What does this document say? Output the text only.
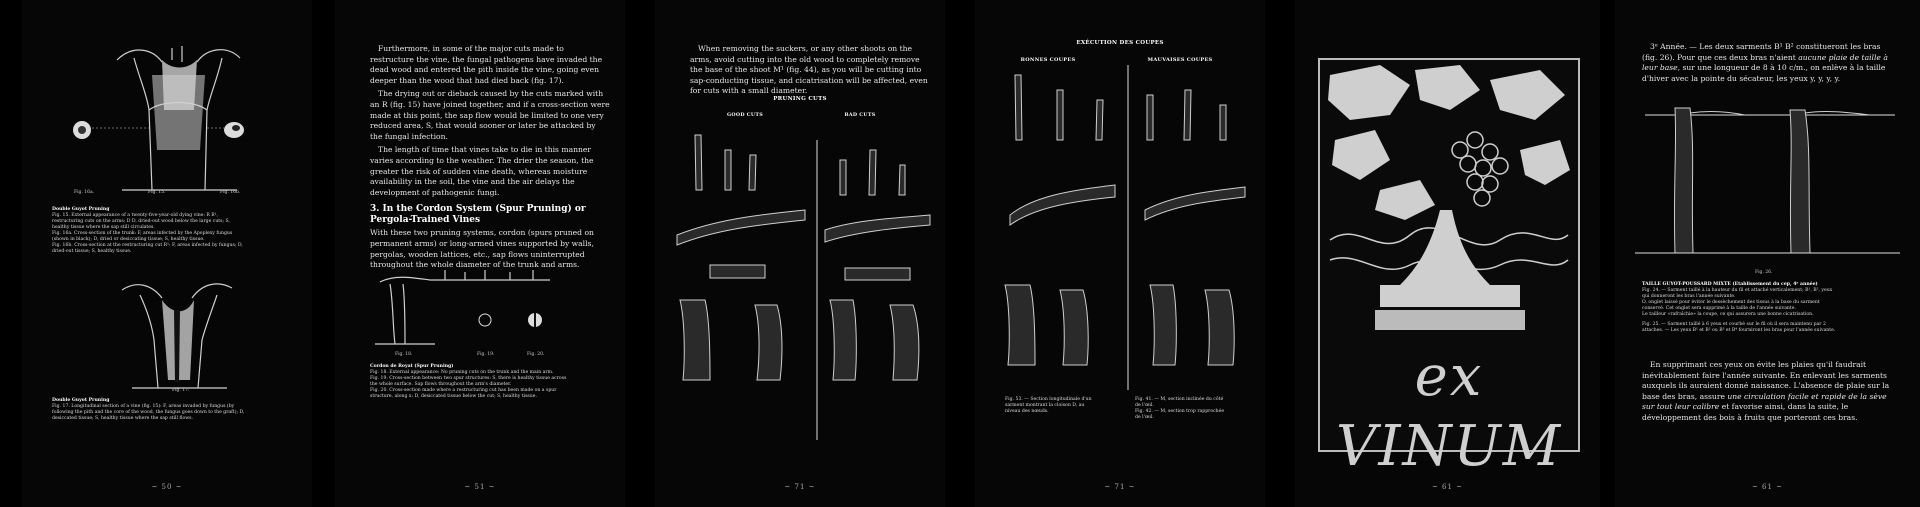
Fig. 16a.	Fig. 15.	Fig. 16b.
Double Guyot Pruning
Fig. 15. External appearance of a twenty-five-year-old dying vine: R B¹,
restructuring cuts on the arms; D D, dried-out wood below the large cuts; S,
healthy tissue where the sap still circulates.
Fig. 16a. Cross-section of the trunk: F, areas infected by the Apoplexy fungus
(shown in black); D, dried or desiccating tissue; S, healthy tissue.
Fig. 16b. Cross-section at the restructuring cut R¹: F, areas infected by fungus; D,
dried-out tissue; S, healthy tissue.
Fig. 17.
Double Guyot Pruning
Fig. 17. Longitudinal section of a vine (fig. 15): F, areas invaded by fungus (by
following the pith and the core of the wood, the fungus goes down to the graft); D,
desiccated tissue; S, healthy tissue where the sap still flows.
~ 50 ~

Furthermore, in some of the major cuts made to restructure the vine, the fungal pathogens have invaded the dead wood and entered the pith inside the vine, going even deeper than the wood that had died back (fig. 17).

The drying out or dieback caused by the cuts marked with an R (fig. 15) have joined together, and if a cross-section were made at this point, the sap flow would be limited to one very reduced area, S, that would sooner or later be attacked by the fungal infection.

The length of time that vines take to die in this manner varies according to the weather. The drier the season, the greater the risk of sudden vine death, whereas moisture availability in the soil, the vine and the air delays the development of pathogenic fungi.

3. In the Cordon System (Spur Pruning) or Pergola-Trained Vines

With these two pruning systems, cordon (spurs pruned on permanent arms) or long-armed vines supported by walls, pergolas, wooden lattices, etc., sap flows uninterrupted throughout the whole diameter of the trunk and arms.

Fig. 18.	Fig. 19.	Fig. 20.
Cordon de Royat (Spur Pruning)
Fig. 18. External appearance: No pruning cuts on the trunk and the main arm.
Fig. 19. Cross-section between two spur structures: S, there is healthy tissue across
the whole surface. Sap flows throughout the arm's diameter.
Fig. 20. Cross-section made where a restructuring cut has been made on a spur
structure, along x: D, desiccated tissue below the cut; S, healthy tissue.
~ 51 ~

When removing the suckers, or any other shoots on the arms, avoid cutting into the old wood to completely remove the base of the shoot M¹ (fig. 44), as you will be cutting into sap-conducting tissue, and cicatrisation will be affected, even for cuts with a small diameter.

PRUNING CUTS
GOOD CUTS	BAD CUTS
~ 71 ~
EXÉCUTION DES COUPES
BONNES COUPES	MAUVAISES COUPES
Fig. 53. — Section longitudinale d'un
sarment montrant la cloison D, au
niveau des nœuds.
Fig. 41. — M, section inclinée du côté
de l'œil.
Fig. 42. — M, section trop rapprochée
de l'œil.
~ 71 ~	~ 61 ~
ex VINUM

3ᵉ Année. — Les deux sarments B¹ B² constitueront les bras (fig. 26). Pour que ces deux bras n'aient aucune plaie de taille à leur base, sur une longueur de 8 à 10 c/m., on enlève à la taille d'hiver avec la pointe du sécateur, les yeux y, y, y, y.

Fig. 26.
TAILLE GUYOT-POUSSARD MIXTE (Etablissement du cep, 4ᵉ année)
Fig. 24. — Sarment taillé à la hauteur du fil et attaché verticalement; B¹, B², yeux
qui donneront les bras l'année suivante.
O, onglet laissé pour éviter le dessèchement des tissus à la base du sarment
conservé. Cet onglet sera supprimé à la taille de l'année suivante.
Le tailleur «rafraîchie» la coupe, ce qui assurera une bonne cicatrisation.
Fig. 25. — Sarment taillé à 6 yeux et courbé sur le fil où il sera maintenu par 2
attaches. — Les yeux B¹ et B² ou B³ et B⁴ fourniront les bras pour l'année suivante.

En supprimant ces yeux on évite les plaies qu'il faudrait inévitablement faire l'année suivante. En enlevant les sarments auxquels ils auraient donné naissance. L'absence de plaie sur la base des bras, assure une circulation facile et rapide de la sève sur tout leur calibre et favorise ainsi, dans la suite, le développement des bois à fruits que porteront ces bras.

~ 61 ~
